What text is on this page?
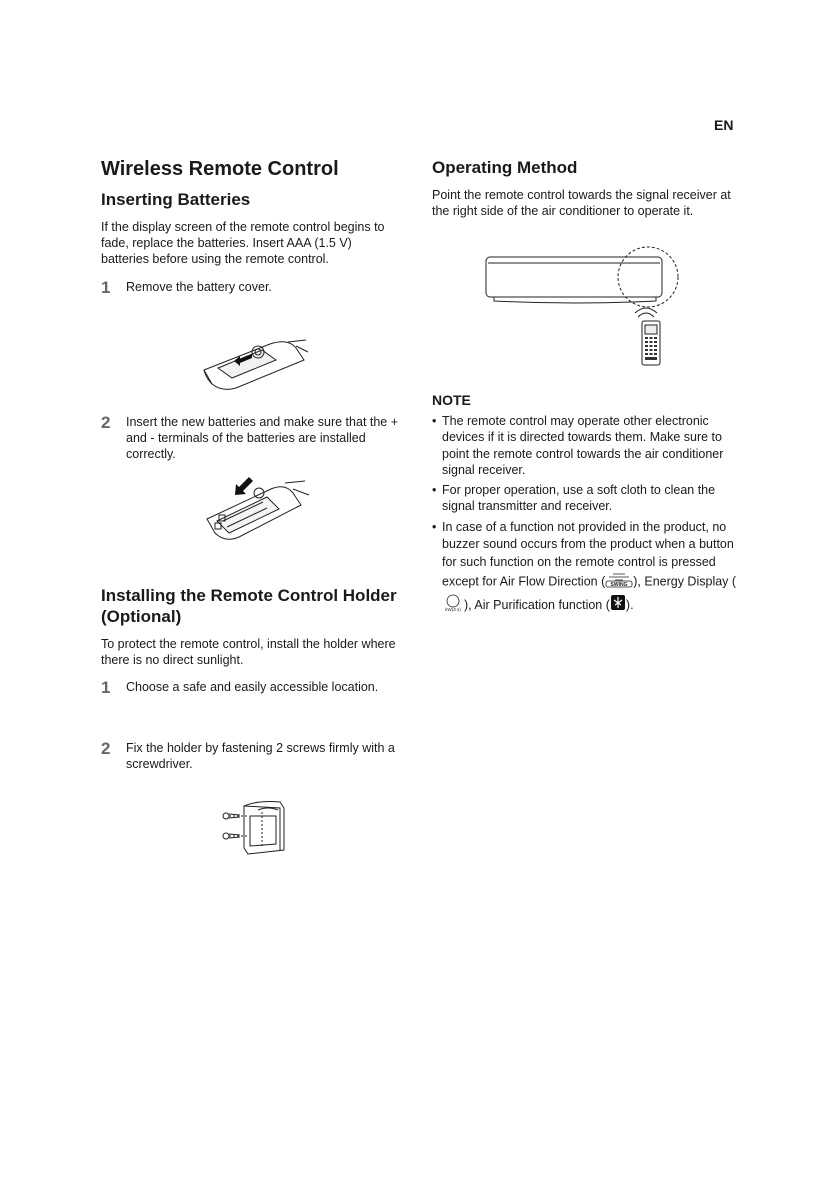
EN
Wireless Remote Control
Inserting Batteries

If the display screen of the remote control begins to fade, replace the batteries. Insert AAA (1.5 V) batteries before using the remote control.

1 Remove the battery cover.
2 Insert the new batteries and make sure that the + and - terminals of the batteries are installed correctly.
Installing the Remote Control Holder (Optional)

To protect the remote control, install the holder where there is no direct sunlight.

1 Choose a safe and easily accessible location.
2 Fix the holder by fastening 2 screws firmly with a screwdriver.
Operating Method

Point the remote control towards the signal receiver at the right side of the air conditioner to operate it.

NOTE
• The remote control may operate other electronic devices if it is directed towards them. Make sure to point the remote control towards the air conditioner signal receiver.
• For proper operation, use a soft cloth to clean the signal transmitter and receiver.
• In case of a function not provided in the product, no buzzer sound occurs from the product when a button for such function on the remote control is pressed except for Air Flow Direction ( SWING ), Energy Display (
kW(3 s) ), Air Purification function ( ).
